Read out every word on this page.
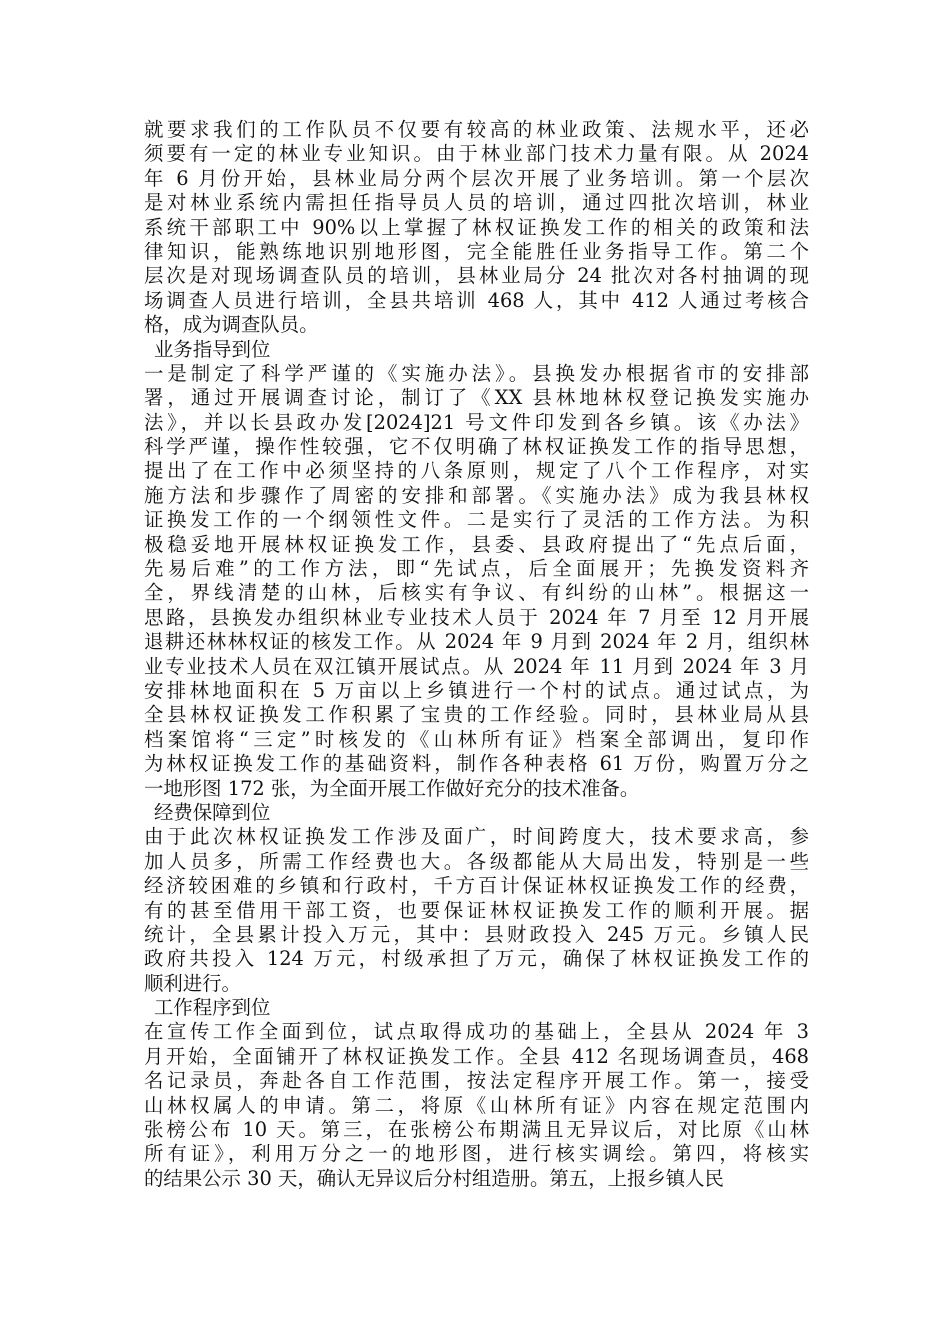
就要求我们的工作队员不仅要有较高的林业政策、法规水平，还必
须要有一定的林业专业知识。由于林业部门技术力量有限。从 2024
年 6 月份开始，县林业局分两个层次开展了业务培训。第一个层次
是对林业系统内需担任指导员人员的培训，通过四批次培训，林业
系统干部职工中 90%以上掌握了林权证换发工作的相关的政策和法
律知识，能熟练地识别地形图，完全能胜任业务指导工作。第二个
层次是对现场调查队员的培训，县林业局分 24 批次对各村抽调的现
场调查人员进行培训，全县共培训 468 人，其中 412 人通过考核合
格，成为调查队员。
业务指导到位
一是制定了科学严谨的《实施办法》。县换发办根据省市的安排部
署，通过开展调查讨论，制订了《XX 县林地林权登记换发实施办
法》，并以长县政办发[2024]21 号文件印发到各乡镇。该《办法》
科学严谨，操作性较强，它不仅明确了林权证换发工作的指导思想，
提出了在工作中必须坚持的八条原则，规定了八个工作程序，对实
施方法和步骤作了周密的安排和部署。《实施办法》成为我县林权
证换发工作的一个纲领性文件。二是实行了灵活的工作方法。为积
极稳妥地开展林权证换发工作，县委、县政府提出了“先点后面，
先易后难”的工作方法，即“先试点，后全面展开；先换发资料齐
全，界线清楚的山林，后核实有争议、有纠纷的山林”。根据这一
思路，县换发办组织林业专业技术人员于 2024 年 7 月至 12 月开展
退耕还林林权证的核发工作。从 2024 年 9 月到 2024 年 2 月，组织林
业专业技术人员在双江镇开展试点。从 2024 年 11 月到 2024 年 3 月
安排林地面积在 5 万亩以上乡镇进行一个村的试点。通过试点，为
全县林权证换发工作积累了宝贵的工作经验。同时，县林业局从县
档案馆将“三定”时核发的《山林所有证》档案全部调出，复印作
为林权证换发工作的基础资料，制作各种表格 61 万份，购置万分之
一地形图 172 张，为全面开展工作做好充分的技术准备。
经费保障到位
由于此次林权证换发工作涉及面广，时间跨度大，技术要求高，参
加人员多，所需工作经费也大。各级都能从大局出发，特别是一些
经济较困难的乡镇和行政村，千方百计保证林权证换发工作的经费，
有的甚至借用干部工资，也要保证林权证换发工作的顺利开展。据
统计，全县累计投入万元，其中：县财政投入 245 万元。乡镇人民
政府共投入 124 万元，村级承担了万元，确保了林权证换发工作的
顺利进行。
工作程序到位
在宣传工作全面到位，试点取得成功的基础上，全县从 2024 年 3
月开始，全面铺开了林权证换发工作。全县 412 名现场调查员，468
名记录员，奔赴各自工作范围，按法定程序开展工作。第一，接受
山林权属人的申请。第二，将原《山林所有证》内容在规定范围内
张榜公布 10 天。第三，在张榜公布期满且无异议后，对比原《山林
所有证》，利用万分之一的地形图，进行核实调绘。第四，将核实
的结果公示 30 天，确认无异议后分村组造册。第五，上报乡镇人民
